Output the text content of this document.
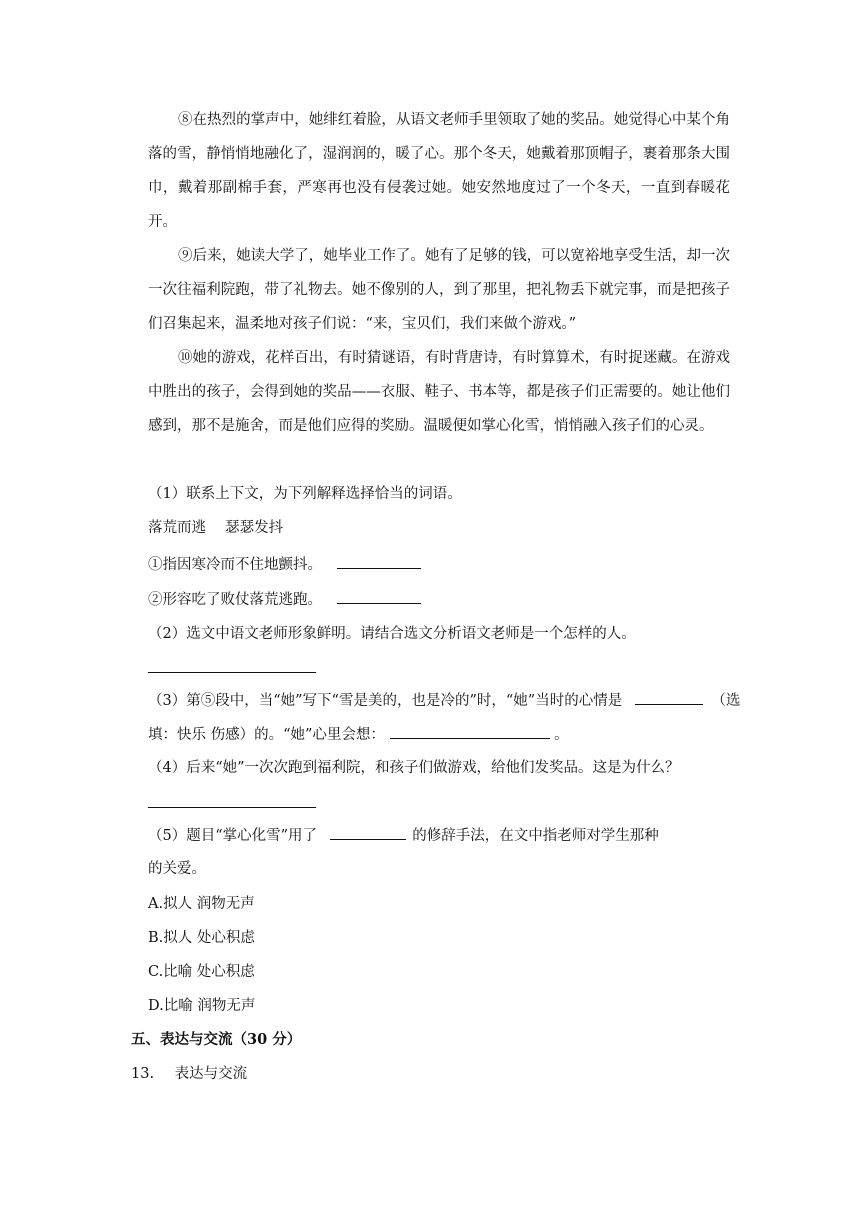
⑧在热烈的掌声中，她绯红着脸，从语文老师手里领取了她的奖品。她觉得心中某个角落的雪，静悄悄地融化了，湿润润的，暖了心。那个冬天，她戴着那顶帽子，裹着那条大围巾，戴着那副棉手套，严寒再也没有侵袭过她。她安然地度过了一个冬天，一直到春暖花开。
⑨后来，她读大学了，她毕业工作了。她有了足够的钱，可以宽裕地享受生活，却一次一次往福利院跑，带了礼物去。她不像别的人，到了那里，把礼物丢下就完事，而是把孩子们召集起来，温柔地对孩子们说：“来，宝贝们，我们来做个游戏。”
⑩她的游戏，花样百出，有时猜谜语，有时背唐诗，有时算算术，有时捉迷藏。在游戏中胜出的孩子，会得到她的奖品——衣服、鞋子、书本等，都是孩子们正需要的。她让他们感到，那不是施舍，而是他们应得的奖励。温暖便如掌心化雪，悄悄融入孩子们的心灵。
（1）联系上下文，为下列解释选择恰当的词语。
落荒而逃　 瑟瑟发抖
①指因寒冷而不住地颤抖。
②形容吃了败仗落荒逃跑。
（2）选文中语文老师形象鲜明。请结合选文分析语文老师是一个怎样的人。
（3）第⑤段中，当“她”写下“雪是美的，也是冷的”时，“她”当时的心情是	（选
填：快乐 伤感）的。“她”心里会想：	。
（4）后来“她”一次次跑到福利院，和孩子们做游戏，给他们发奖品。这是为什么？
（5）题目“掌心化雪”用了	的修辞手法，在文中指老师对学生那种
的关爱。
A.拟人 润物无声
B.拟人 处心积虑
C.比喻 处心积虑
D.比喻 润物无声
五、表达与交流（30 分）
13. 表达与交流
